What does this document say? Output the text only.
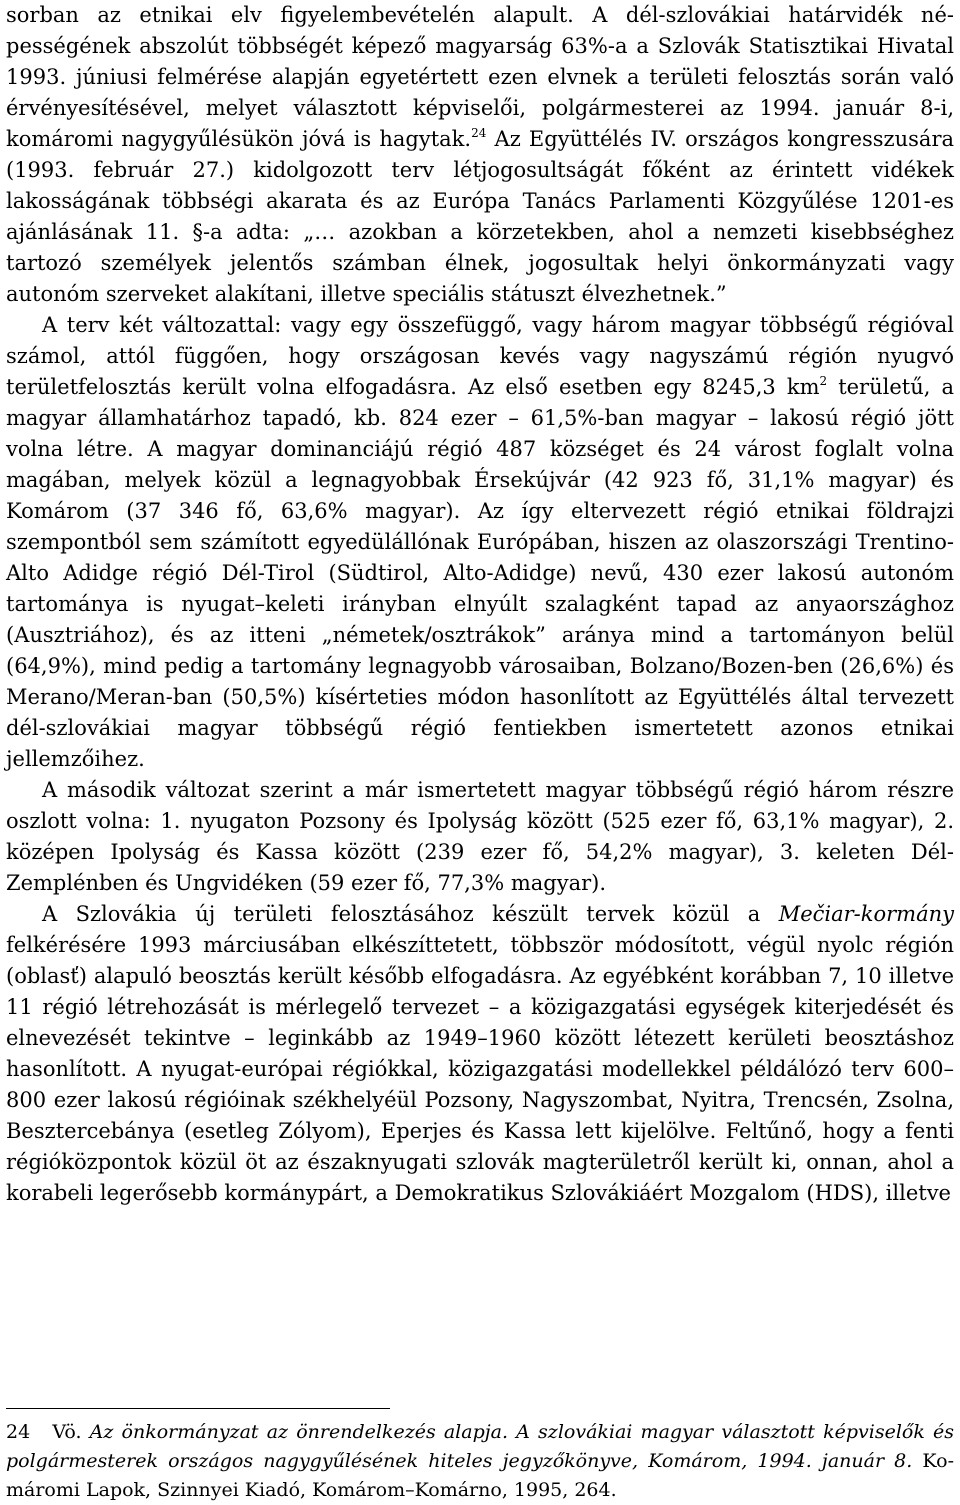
sorban az etnikai elv figyelembevételén alapult. A dél-szlovákiai határvidék népességének abszolút többségét képező magyarság 63%-a a Szlovák Statisztikai Hivatal 1993. júniusi felmérése alapján egyetértett ezen elvnek a területi felosztás során való érvényesítésével, melyet választott képviselői, polgármesterei az 1994. január 8-i, komáromi nagygyűlésükön jóvá is hagytak.$^{24}$ Az Együttélés IV. országos kongresszusára (1993. február 27.) kidolgozott terv létjogosultságát főként az érintett vidékek lakosságának többségi akarata és az Európa Tanács Parlamenti Közgyűlése 1201-es ajánlásának 11. §-a adta: „… azokban a körzetekben, ahol a nemzeti kisebbséghez tartozó személyek jelentős számban élnek, jogosultak helyi önkormányzati vagy autonóm szerveket alakítani, illetve speciális státuszt élvezhetnek.”

A terv két változattal: vagy egy összefüggő, vagy három magyar többségű régióval számol, attól függően, hogy országosan kevés vagy nagyszámú régión nyugvó területfelosztás került volna elfogadásra. Az első esetben egy 8245,3 $km^2$ területű, a magyar államhatárhoz tapadó, kb. 824 ezer – 61,5%-ban magyar – lakosú régió jött volna létre. A magyar dominanciájú régió 487 községet és 24 várost foglalt volna magában, melyek közül a legnagyobbak Érsekújvár (42 923 fő, 31,1% magyar) és Komárom (37 346 fő, 63,6% magyar). Az így eltervezett régió etnikai földrajzi szempontból sem számított egyedülállónak Európában, hiszen az olaszországi Trentino-Alto Adidge régió Dél-Tirol (Südtirol, Alto-Adidge) nevű, 430 ezer lakosú autonóm tartománya is nyugat–keleti irányban elnyúlt szalagként tapad az anyaországhoz (Ausztriához), és az itteni „németek/osztrákok” aránya mind a tartományon belül (64,9%), mind pedig a tartomány legnagyobb városaiban, Bolzano/Bozen-ben (26,6%) és Merano/Meran-ban (50,5%) kísérteties módon hasonlított az Együttélés által tervezett dél-szlovákiai magyar többségű régió fentiekben ismertetett azonos etnikai jellemzőihez.

A második változat szerint a már ismertetett magyar többségű régió három részre oszlott volna: 1. nyugaton Pozsony és Ipolyság között (525 ezer fő, 63,1% magyar), 2. középen Ipolyság és Kassa között (239 ezer fő, 54,2% magyar), 3. keleten Dél-Zemplénben és Ungvidéken (59 ezer fő, 77,3% magyar).

A Szlovákia új területi felosztásához készült tervek közül a Mečiar-kormány felkérésére 1993 márciusában elkészíttetett, többször módosított, végül nyolc régión (oblasť) alapuló beosztás került később elfogadásra. Az egyébként korábban 7, 10 illetve 11 régió létrehozását is mérlegelő tervezet – a közigazgatási egységek kiterjedését és elnevezését tekintve – leginkább az 1949–1960 között létezett kerületi beosztáshoz hasonlított. A nyugat-európai régiókkal, közigazgatási modellekkel példálózó terv 600–800 ezer lakosú régióinak székhelyéül Pozsony, Nagyszombat, Nyitra, Trencsén, Zsolna, Besztercebánya (esetleg Zólyom), Eperjes és Kassa lett kijelölve. Feltűnő, hogy a fenti régióközpontok közül öt az északnyugati szlovák magterületről került ki, onnan, ahol a korabeli legerősebb kormánypárt, a Demokratikus Szlovákiáért Mozgalom (HDS), illetve

24 Vö. Az önkormányzat az önrendelkezés alapja. A szlovákiai magyar választott képviselők és polgármesterek országos nagygyűlésének hiteles jegyzőkönyve, Komárom, 1994. január 8. Komáromi Lapok, Szinnyei Kiadó, Komárom–Komárno, 1995, 264.
